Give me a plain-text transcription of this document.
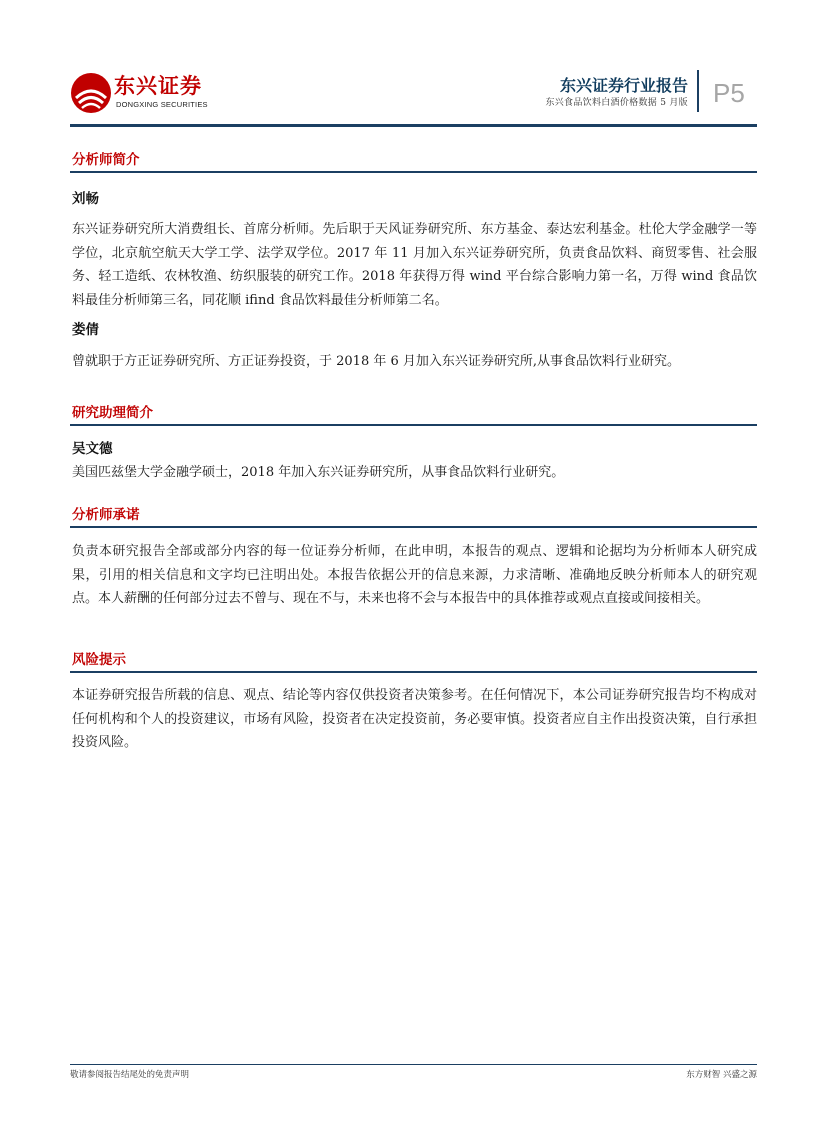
东兴证券
DONGXING SECURITIES
东兴证券行业报告
东兴食品饮料白酒价格数据 5 月版 P5
分析师简介
刘畅
东兴证券研究所大消费组长、首席分析师。先后职于天风证券研究所、东方基金、泰达宏利基金。杜伦大学金融学一等学位，北京航空航天大学工学、法学双学位。2017 年 11 月加入东兴证券研究所，负责食品饮料、商贸零售、社会服务、轻工造纸、农林牧渔、纺织服装的研究工作。2018 年获得万得 wind 平台综合影响力第一名，万得 wind 食品饮料最佳分析师第三名，同花顺 ifind 食品饮料最佳分析师第二名。
娄倩
曾就职于方正证券研究所、方正证券投资，于 2018 年 6 月加入东兴证券研究所,从事食品饮料行业研究。
研究助理简介
吴文德
美国匹兹堡大学金融学硕士，2018 年加入东兴证券研究所，从事食品饮料行业研究。
分析师承诺
负责本研究报告全部或部分内容的每一位证券分析师，在此申明，本报告的观点、逻辑和论据均为分析师本人研究成果，引用的相关信息和文字均已注明出处。本报告依据公开的信息来源，力求清晰、准确地反映分析师本人的研究观点。本人薪酬的任何部分过去不曾与、现在不与，未来也将不会与本报告中的具体推荐或观点直接或间接相关。
风险提示
本证券研究报告所载的信息、观点、结论等内容仅供投资者决策参考。在任何情况下，本公司证券研究报告均不构成对任何机构和个人的投资建议，市场有风险，投资者在决定投资前，务必要审慎。投资者应自主作出投资决策，自行承担投资风险。
敬请参阅报告结尾处的免责声明	东方财智 兴盛之源
